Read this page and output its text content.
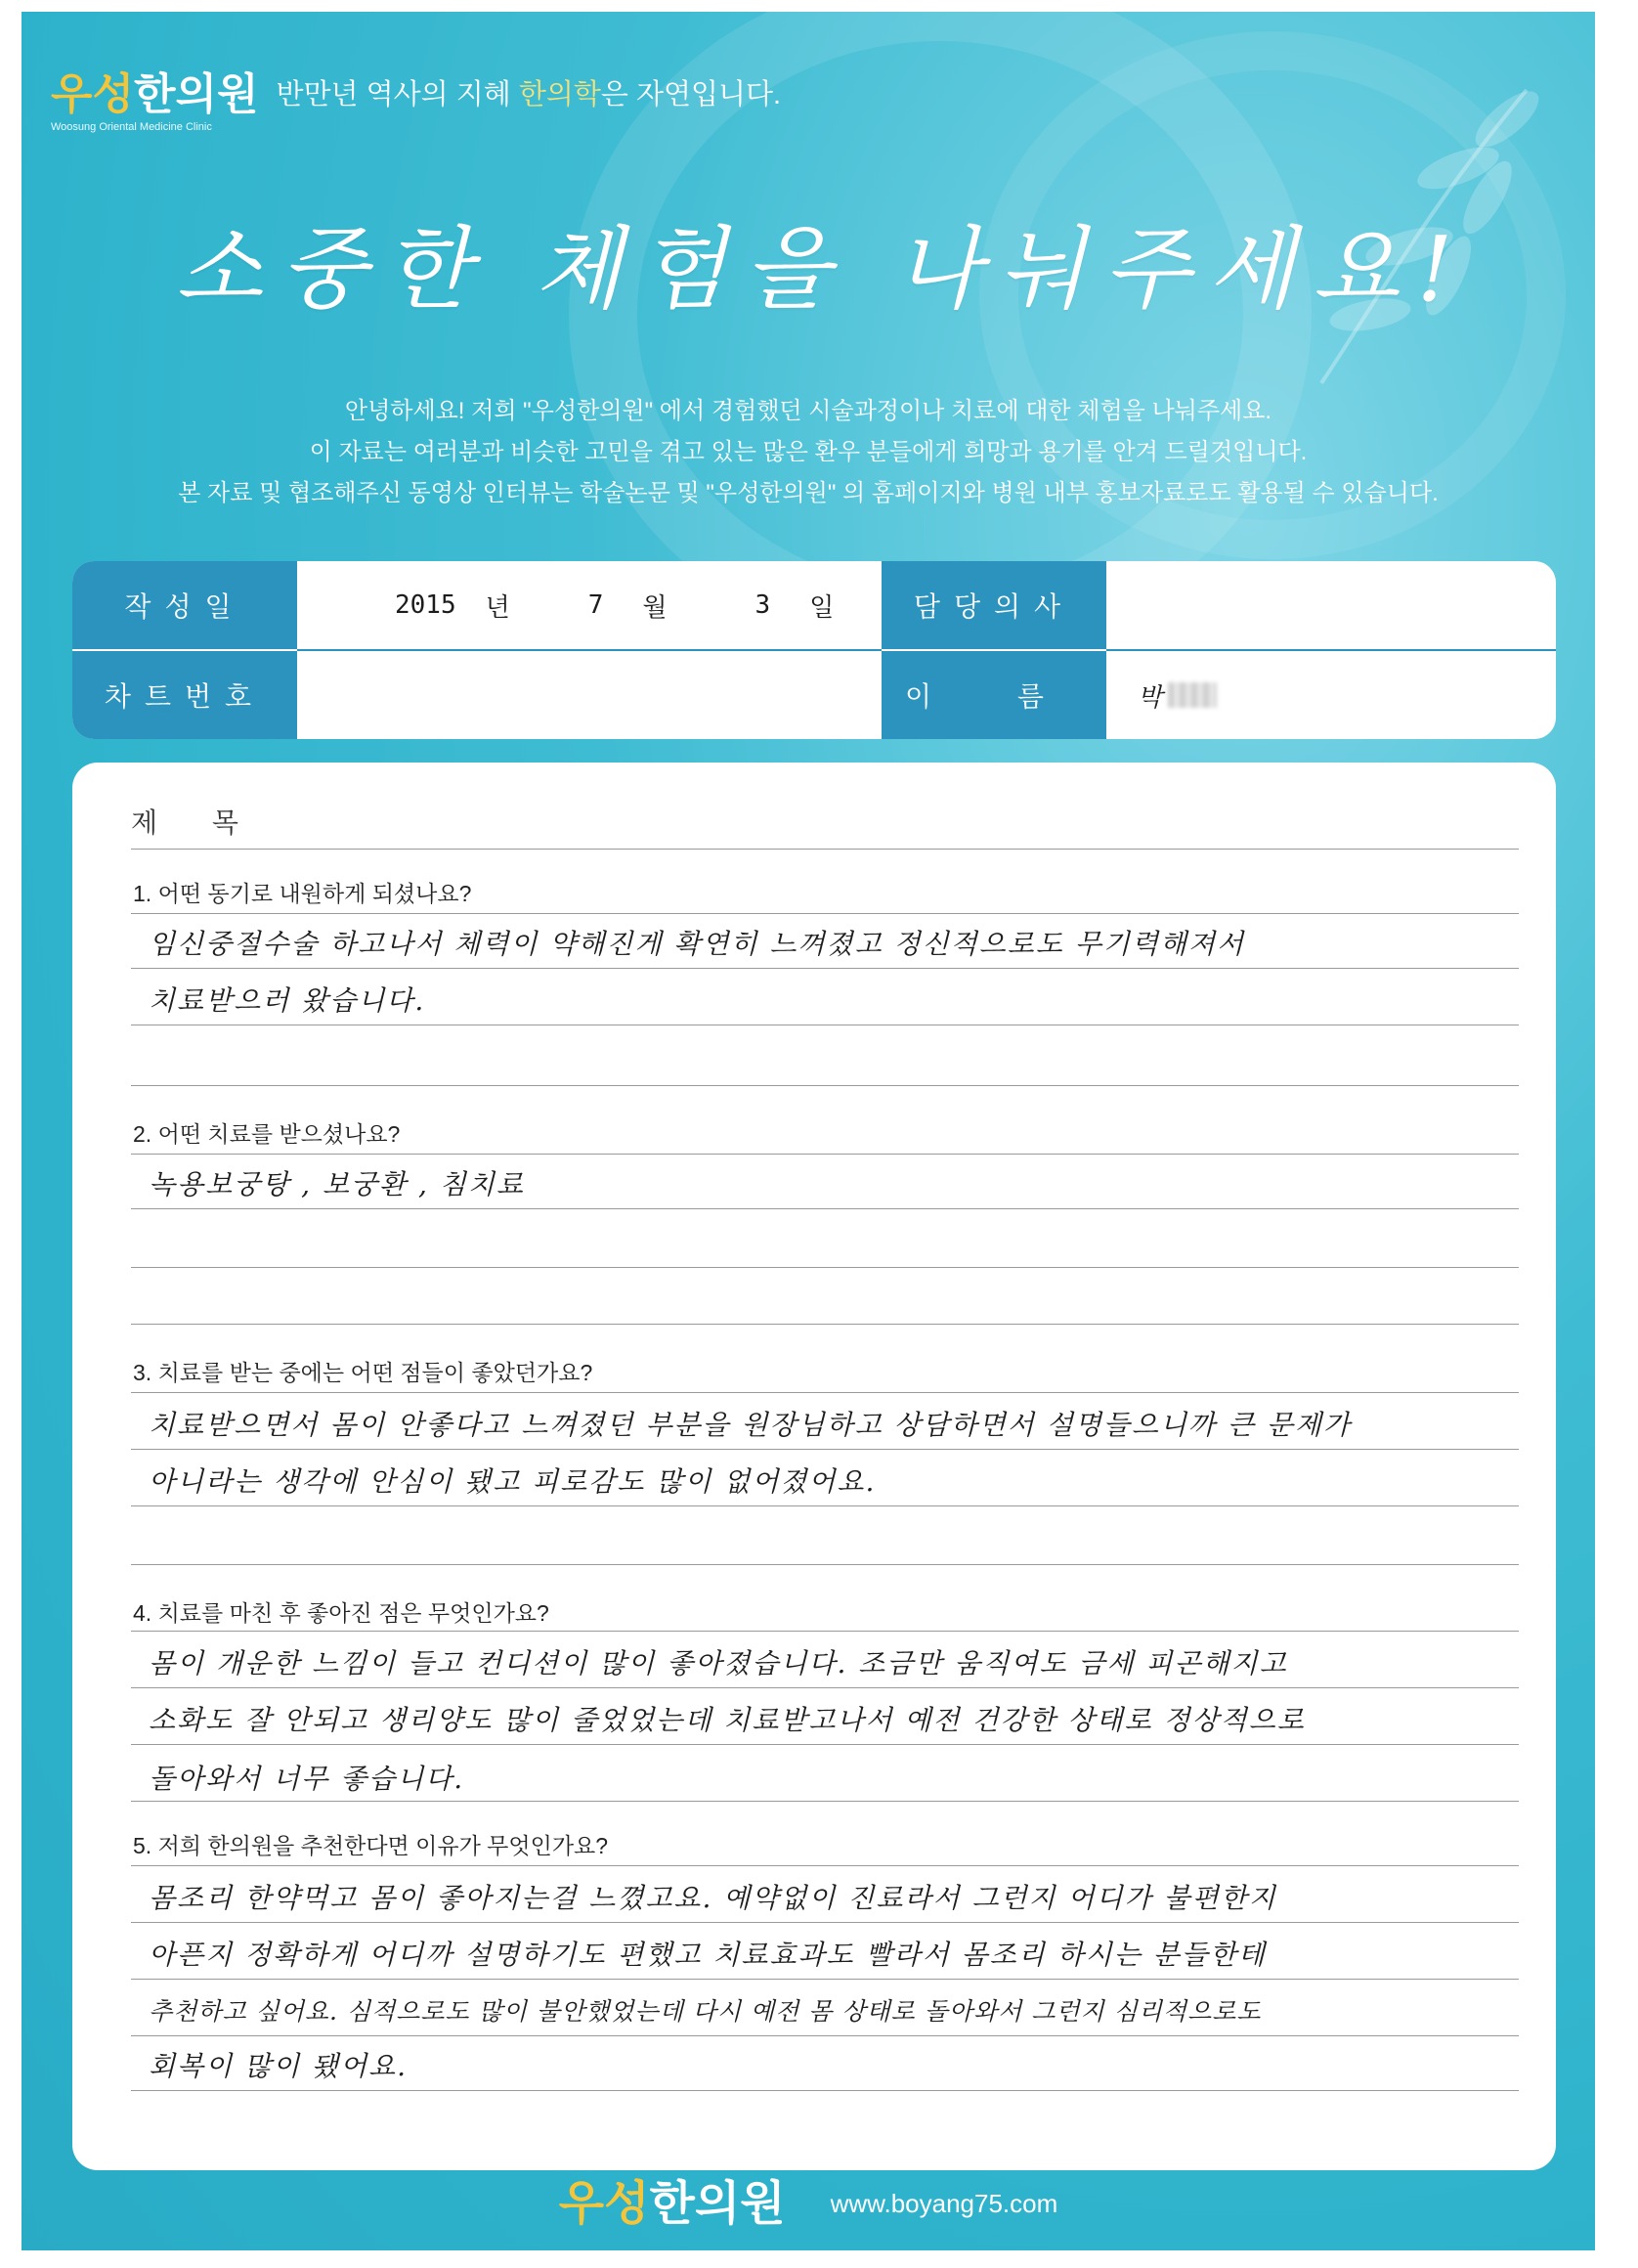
우성한의원 반만년 역사의 지혜 한의학은 자연입니다.
Woosung Oriental Medicine Clinic
소중한 체험을 나눠주세요!
안녕하세요! 저희 "우성한의원" 에서 경험했던 시술과정이나 치료에 대한 체험을 나눠주세요.
이 자료는 여러분과 비슷한 고민을 겪고 있는 많은 환우 분들에게 희망과 용기를 안겨 드릴것입니다.
본 자료 및 협조해주신 동영상 인터뷰는 학술논문 및 "우성한의원" 의 홈페이지와 병원 내부 홍보자료로도 활용될 수 있습니다.
작성일
차트번호
담당의사
이 름
2015 년	7 월	3 일
박
제 목
1. 어떤 동기로 내원하게 되셨나요?
임신중절수술 하고나서 체력이 약해진게 확연히 느껴졌고 정신적으로도 무기력해져서
치료받으러 왔습니다.
2. 어떤 치료를 받으셨나요?
녹용보궁탕 , 보궁환 , 침치료
3. 치료를 받는 중에는 어떤 점들이 좋았던가요?
치료받으면서 몸이 안좋다고 느껴졌던 부분을 원장님하고 상담하면서 설명들으니까 큰 문제가
아니라는 생각에 안심이 됐고 피로감도 많이 없어졌어요.
4. 치료를 마친 후 좋아진 점은 무엇인가요?
몸이 개운한 느낌이 들고 컨디션이 많이 좋아졌습니다. 조금만 움직여도 금세 피곤해지고
소화도 잘 안되고 생리양도 많이 줄었었는데 치료받고나서 예전 건강한 상태로 정상적으로
돌아와서 너무 좋습니다.
5. 저희 한의원을 추천한다면 이유가 무엇인가요?
몸조리 한약먹고 몸이 좋아지는걸 느꼈고요. 예약없이 진료라서 그런지 어디가 불편한지
아픈지 정확하게 어디까 설명하기도 편했고 치료효과도 빨라서 몸조리 하시는 분들한테
추천하고 싶어요. 심적으로도 많이 불안했었는데 다시 예전 몸 상태로 돌아와서 그런지 심리적으로도
회복이 많이 됐어요.
우성한의원 www.boyang75.com
